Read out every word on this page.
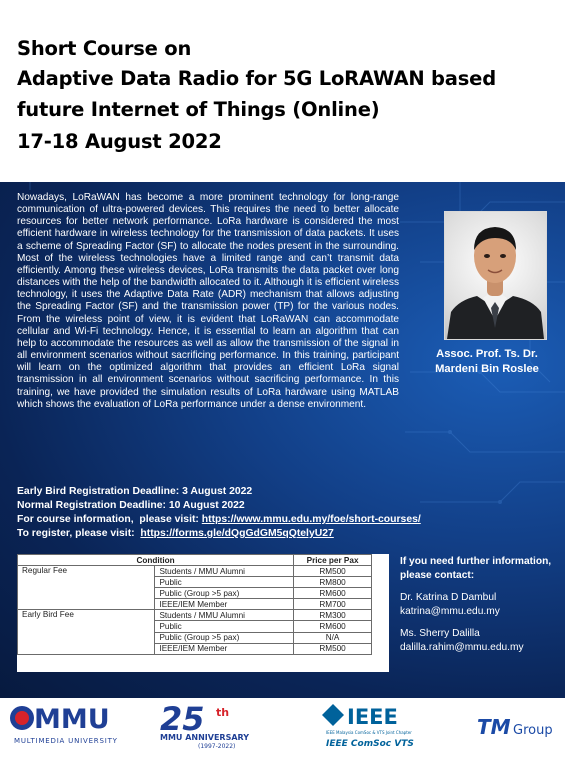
Short Course on
Adaptive Data Radio for 5G LoRAWAN based
future Internet of Things (Online)
17-18 August 2022
Nowadays, LoRaWAN has become a more prominent technology for long-range communication of ultra-powered devices. This requires the need to better allocate resources for better network performance. LoRa hardware is considered the most efficient hardware in wireless technology for the transmission of data packets. It uses a scheme of Spreading Factor (SF) to allocate the nodes present in the surrounding. Most of the wireless technologies have a limited range and can’t transmit data efficiently. Among these wireless devices, LoRa transmits the data packet over long distances with the help of the bandwidth allocated to it. Although it is efficient wireless technology, it uses the Adaptive Data Rate (ADR) mechanism that allows adjusting the Spreading Factor (SF) and the transmission power (TP) for the various nodes. From the wireless point of view, it is evident that LoRaWAN can accommodate cellular and Wi-Fi technology. Hence, it is essential to learn an algorithm that can help to accommodate the resources as well as allow the transmission of the signal in all environment scenarios without sacrificing performance. In this training, participant will learn on the optimized algorithm that provides an efficient LoRa signal transmission in all environment scenarios without sacrificing performance. In this training, we have provided the simulation results of LoRa hardware using MATLAB which shows the evaluation of LoRa performance under a dense environment.
Assoc. Prof. Ts. Dr.
Mardeni Bin Roslee
Early Bird Registration Deadline: 3 August 2022
Normal Registration Deadline: 10 August 2022
For course information,  please visit: https://www.mmu.edu.my/foe/short-courses/
To register, please visit:  https://forms.gle/dQgGdGM5qQtelyU27
Condition		Price per Pax
Regular Fee	Students / MMU Alumni	RM500
	Public	RM800
	Public (Group >5 pax)	RM600
	IEEE/IEM Member	RM700
Early Bird Fee	Students / MMU Alumni	RM300
	Public	RM600
	Public (Group >5 pax)	N/A
	IEEE/IEM Member	RM500
If you need further information,
please contact:
Dr. Katrina D Dambul
katrina@mmu.edu.my
Ms. Sherry Dalilla
dalilla.rahim@mmu.edu.my
MMU
MULTIMEDIA UNIVERSITY
25 th
MMU ANNIVERSARY
(1997-2022)
IEEE
IEEE Malaysia ComSoc & VTS Joint Chapter
IEEE ComSoc VTS
TM Group
